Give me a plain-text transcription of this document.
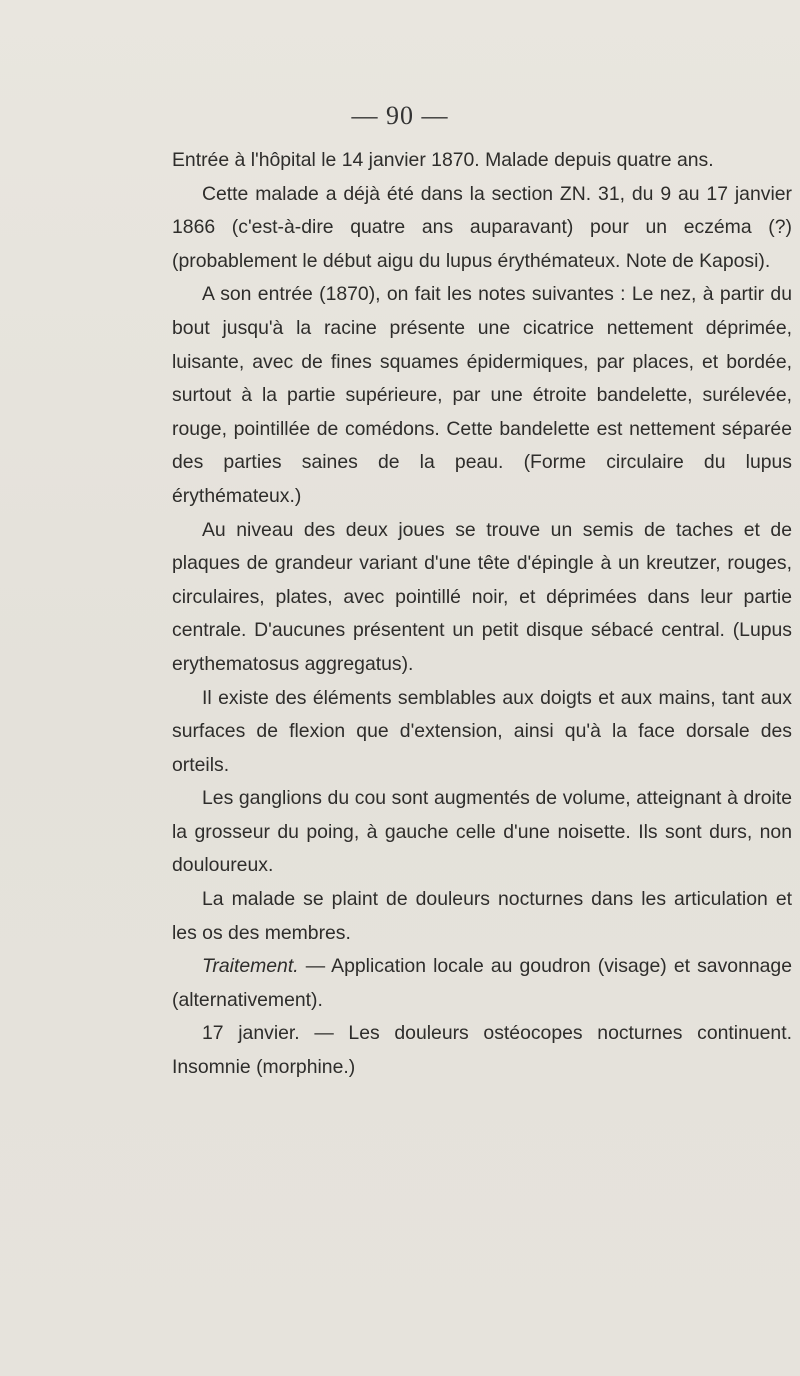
— 90 —

Entrée à l'hôpital le 14 janvier 1870. Malade depuis quatre ans.

Cette malade a déjà été dans la section ZN. 31, du 9 au 17 janvier 1866 (c'est-à-dire quatre ans auparavant) pour un eczéma (?) (probablement le début aigu du lupus érythémateux. Note de Kaposi).

A son entrée (1870), on fait les notes suivantes : Le nez, à partir du bout jusqu'à la racine présente une cicatrice nettement déprimée, luisante, avec de fines squames épidermiques, par places, et bordée, surtout à la partie supérieure, par une étroite bandelette, surélevée, rouge, pointillée de comédons. Cette bandelette est nettement séparée des parties saines de la peau. (Forme circulaire du lupus érythémateux.)

Au niveau des deux joues se trouve un semis de taches et de plaques de grandeur variant d'une tête d'épingle à un kreutzer, rouges, circulaires, plates, avec pointillé noir, et déprimées dans leur partie centrale. D'aucunes présentent un petit disque sébacé central. (Lupus erythematosus aggregatus).

Il existe des éléments semblables aux doigts et aux mains, tant aux surfaces de flexion que d'extension, ainsi qu'à la face dorsale des orteils.

Les ganglions du cou sont augmentés de volume, atteignant à droite la grosseur du poing, à gauche celle d'une noisette. Ils sont durs, non douloureux.

La malade se plaint de douleurs nocturnes dans les articulation et les os des membres.

Traitement. — Application locale au goudron (visage) et savonnage (alternativement).

17 janvier. — Les douleurs ostéocopes nocturnes continuent. Insomnie (morphine.)
